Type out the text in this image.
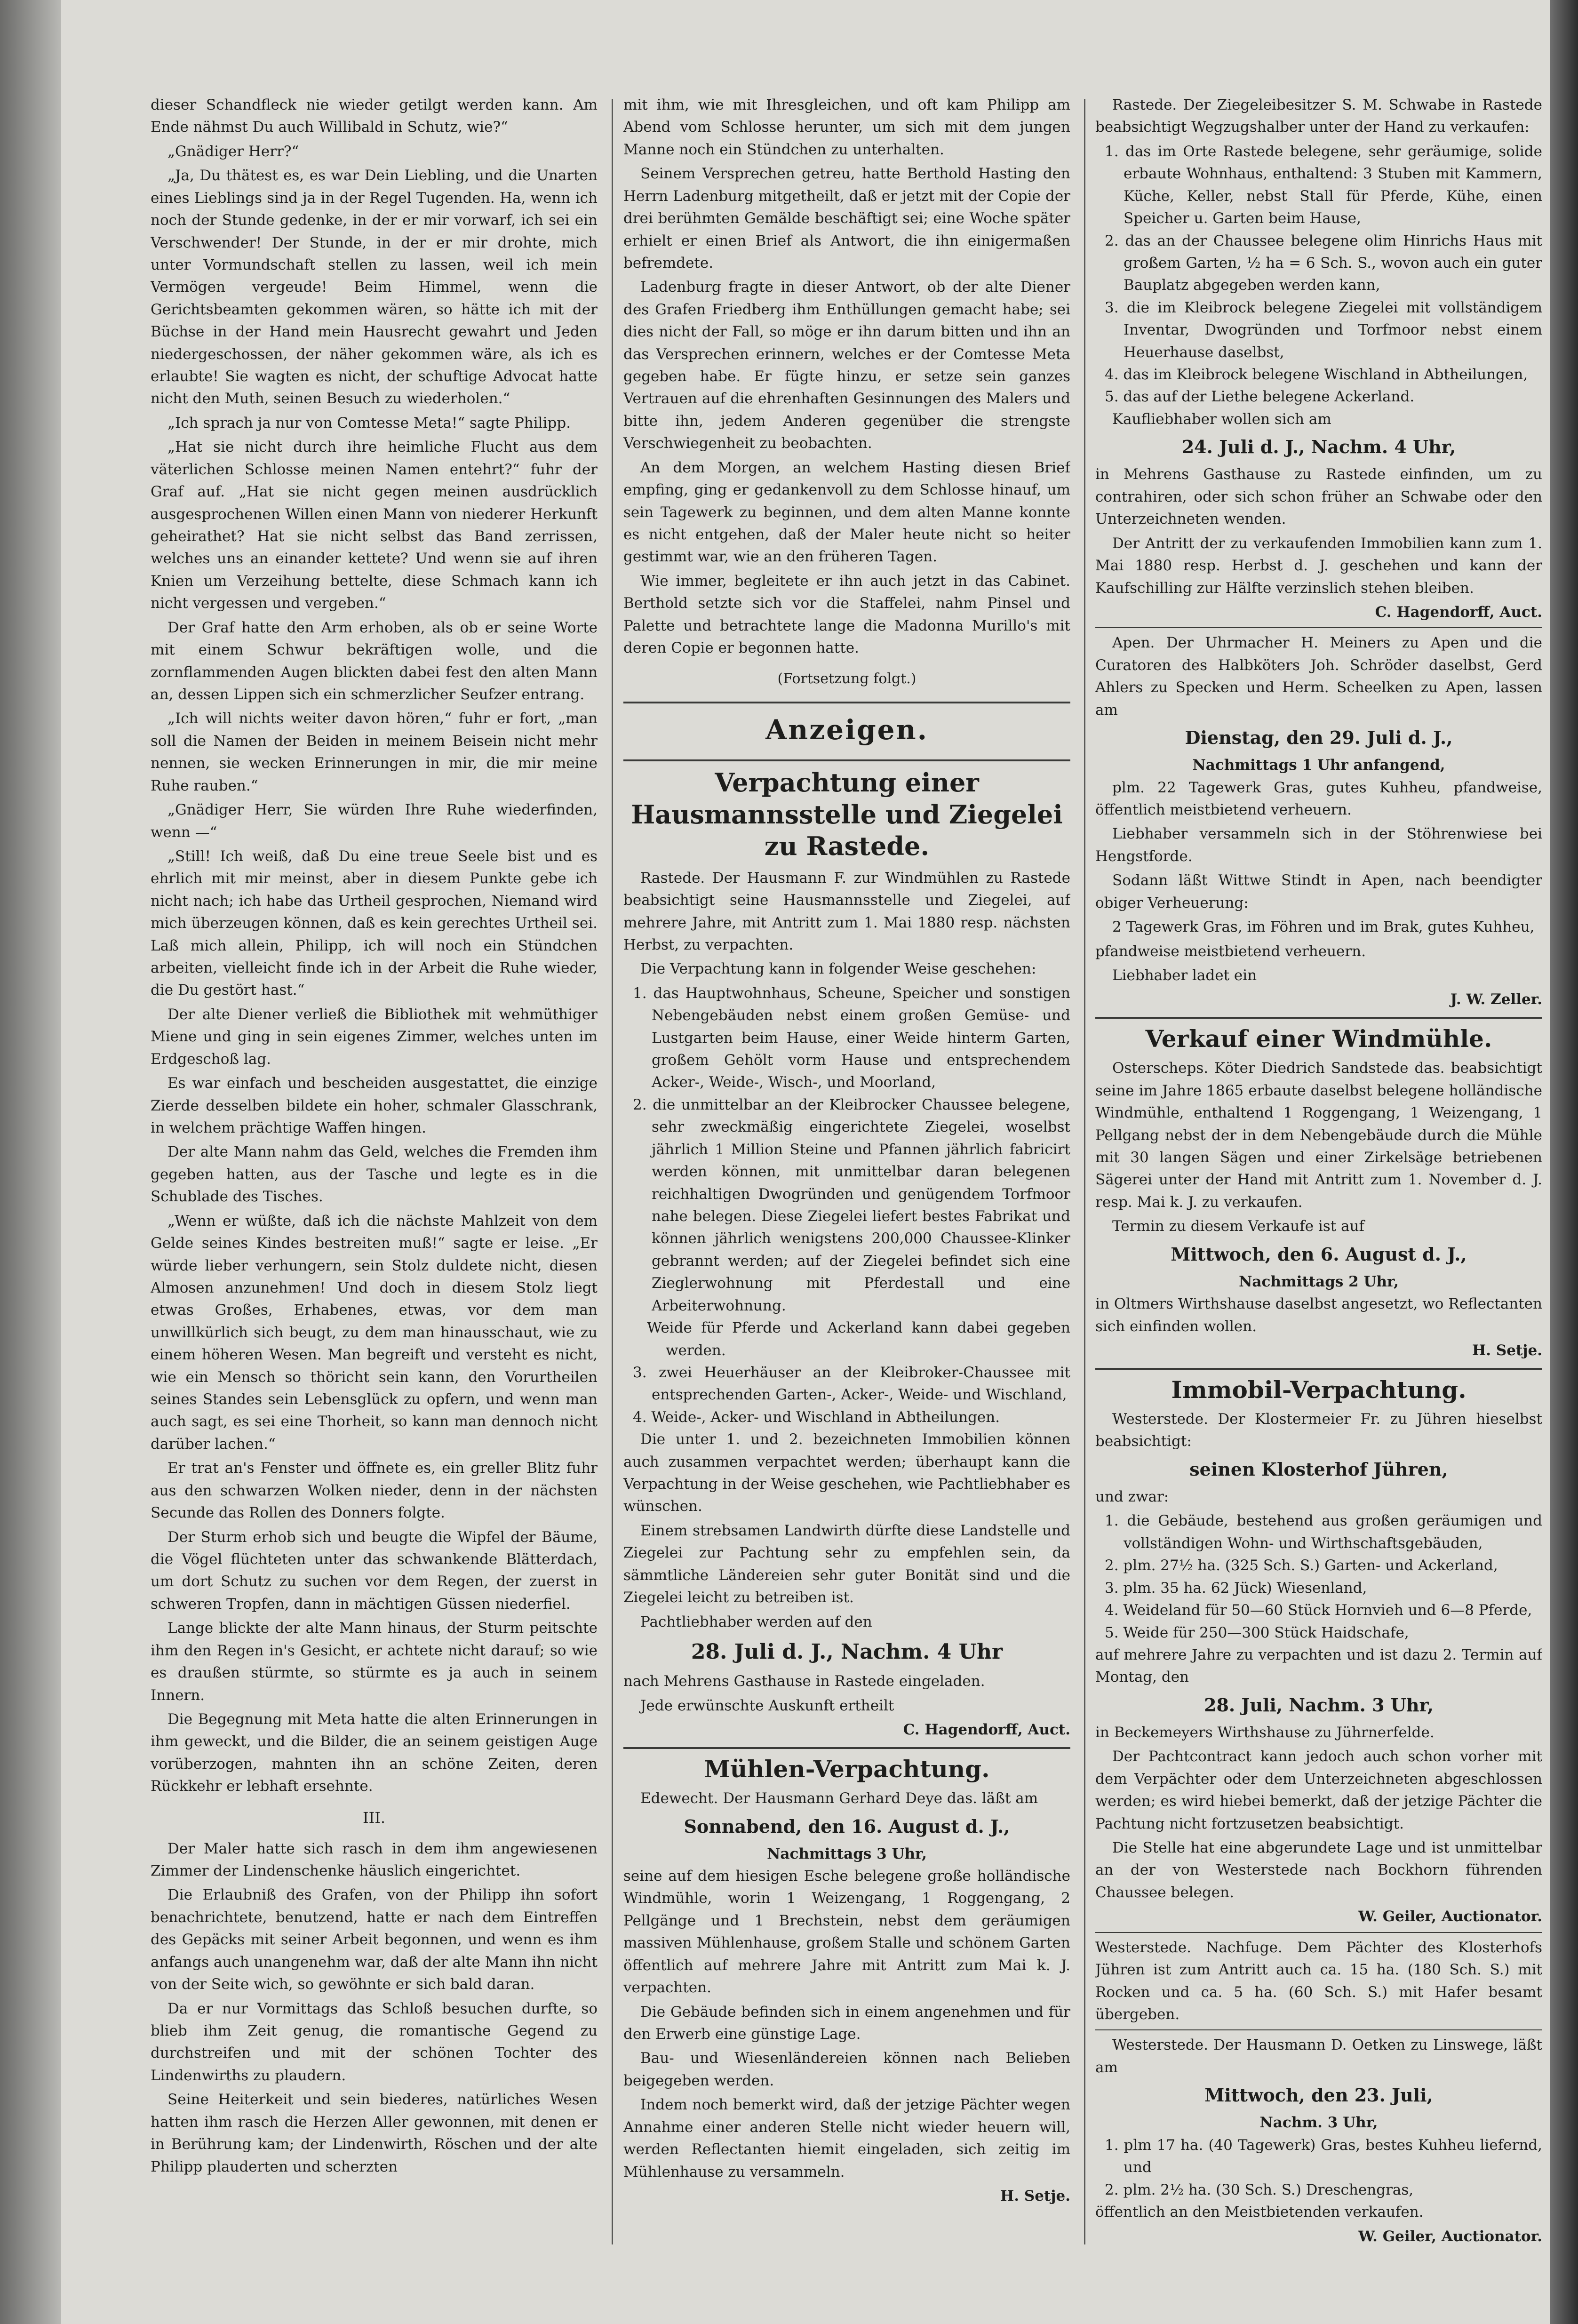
dieser Schandfleck nie wieder getilgt werden kann. Am Ende nähmst Du auch Willibald in Schutz, wie?“

„Gnädiger Herr?“

„Ja, Du thätest es, es war Dein Liebling, und die Unarten eines Lieblings sind ja in der Regel Tugenden. Ha, wenn ich noch der Stunde gedenke, in der er mir vorwarf, ich sei ein Verschwender! Der Stunde, in der er mir drohte, mich unter Vormundschaft stellen zu lassen, weil ich mein Vermögen vergeude! Beim Himmel, wenn die Gerichtsbeamten gekommen wären, so hätte ich mit der Büchse in der Hand mein Hausrecht gewahrt und Jeden niedergeschossen, der näher gekommen wäre, als ich es erlaubte! Sie wagten es nicht, der schuftige Advocat hatte nicht den Muth, seinen Besuch zu wiederholen.“

„Ich sprach ja nur von Comtesse Meta!“ sagte Philipp.

„Hat sie nicht durch ihre heimliche Flucht aus dem väterlichen Schlosse meinen Namen entehrt?“ fuhr der Graf auf. „Hat sie nicht gegen meinen ausdrücklich ausgesprochenen Willen einen Mann von niederer Herkunft geheirathet? Hat sie nicht selbst das Band zerrissen, welches uns an einander kettete? Und wenn sie auf ihren Knien um Verzeihung bettelte, diese Schmach kann ich nicht vergessen und vergeben.“

Der Graf hatte den Arm erhoben, als ob er seine Worte mit einem Schwur bekräftigen wolle, und die zornflammenden Augen blickten dabei fest den alten Mann an, dessen Lippen sich ein schmerzlicher Seufzer entrang.

„Ich will nichts weiter davon hören,“ fuhr er fort, „man soll die Namen der Beiden in meinem Beisein nicht mehr nennen, sie wecken Erinnerungen in mir, die mir meine Ruhe rauben.“

„Gnädiger Herr, Sie würden Ihre Ruhe wiederfinden, wenn —“

„Still! Ich weiß, daß Du eine treue Seele bist und es ehrlich mit mir meinst, aber in diesem Punkte gebe ich nicht nach; ich habe das Urtheil gesprochen, Niemand wird mich überzeugen können, daß es kein gerechtes Urtheil sei. Laß mich allein, Philipp, ich will noch ein Stündchen arbeiten, vielleicht finde ich in der Arbeit die Ruhe wieder, die Du gestört hast.“

Der alte Diener verließ die Bibliothek mit wehmüthiger Miene und ging in sein eigenes Zimmer, welches unten im Erdgeschoß lag.

Es war einfach und bescheiden ausgestattet, die einzige Zierde desselben bildete ein hoher, schmaler Glasschrank, in welchem prächtige Waffen hingen.

Der alte Mann nahm das Geld, welches die Fremden ihm gegeben hatten, aus der Tasche und legte es in die Schublade des Tisches.

„Wenn er wüßte, daß ich die nächste Mahlzeit von dem Gelde seines Kindes bestreiten muß!“ sagte er leise. „Er würde lieber verhungern, sein Stolz duldete nicht, diesen Almosen anzunehmen! Und doch in diesem Stolz liegt etwas Großes, Erhabenes, etwas, vor dem man unwillkürlich sich beugt, zu dem man hinausschaut, wie zu einem höheren Wesen. Man begreift und versteht es nicht, wie ein Mensch so thöricht sein kann, den Vorurtheilen seines Standes sein Lebensglück zu opfern, und wenn man auch sagt, es sei eine Thorheit, so kann man dennoch nicht darüber lachen.“

Er trat an's Fenster und öffnete es, ein greller Blitz fuhr aus den schwarzen Wolken nieder, denn in der nächsten Secunde das Rollen des Donners folgte.

Der Sturm erhob sich und beugte die Wipfel der Bäume, die Vögel flüchteten unter das schwankende Blätterdach, um dort Schutz zu suchen vor dem Regen, der zuerst in schweren Tropfen, dann in mächtigen Güssen niederfiel.

Lange blickte der alte Mann hinaus, der Sturm peitschte ihm den Regen in's Gesicht, er achtete nicht darauf; so wie es draußen stürmte, so stürmte es ja auch in seinem Innern.

Die Begegnung mit Meta hatte die alten Erinnerungen in ihm geweckt, und die Bilder, die an seinem geistigen Auge vorüberzogen, mahnten ihn an schöne Zeiten, deren Rückkehr er lebhaft ersehnte.

III.

Der Maler hatte sich rasch in dem ihm angewiesenen Zimmer der Lindenschenke häuslich eingerichtet.

Die Erlaubniß des Grafen, von der Philipp ihn sofort benachrichtete, benutzend, hatte er nach dem Eintreffen des Gepäcks mit seiner Arbeit begonnen, und wenn es ihm anfangs auch unangenehm war, daß der alte Mann ihn nicht von der Seite wich, so gewöhnte er sich bald daran.

Da er nur Vormittags das Schloß besuchen durfte, so blieb ihm Zeit genug, die romantische Gegend zu durchstreifen und mit der schönen Tochter des Lindenwirths zu plaudern.

Seine Heiterkeit und sein biederes, natürliches Wesen hatten ihm rasch die Herzen Aller gewonnen, mit denen er in Berührung kam; der Lindenwirth, Röschen und der alte Philipp plauderten und scherzten

mit ihm, wie mit Ihresgleichen, und oft kam Philipp am Abend vom Schlosse herunter, um sich mit dem jungen Manne noch ein Stündchen zu unterhalten.

Seinem Versprechen getreu, hatte Berthold Hasting den Herrn Ladenburg mitgetheilt, daß er jetzt mit der Copie der drei berühmten Gemälde beschäftigt sei; eine Woche später erhielt er einen Brief als Antwort, die ihn einigermaßen befremdete.

Ladenburg fragte in dieser Antwort, ob der alte Diener des Grafen Friedberg ihm Enthüllungen gemacht habe; sei dies nicht der Fall, so möge er ihn darum bitten und ihn an das Versprechen erinnern, welches er der Comtesse Meta gegeben habe. Er fügte hinzu, er setze sein ganzes Vertrauen auf die ehrenhaften Gesinnungen des Malers und bitte ihn, jedem Anderen gegenüber die strengste Verschwiegenheit zu beobachten.

An dem Morgen, an welchem Hasting diesen Brief empfing, ging er gedankenvoll zu dem Schlosse hinauf, um sein Tagewerk zu beginnen, und dem alten Manne konnte es nicht entgehen, daß der Maler heute nicht so heiter gestimmt war, wie an den früheren Tagen.

Wie immer, begleitete er ihn auch jetzt in das Cabinet. Berthold setzte sich vor die Staffelei, nahm Pinsel und Palette und betrachtete lange die Madonna Murillo's mit deren Copie er begonnen hatte.

(Fortsetzung folgt.)
Anzeigen.
Verpachtung einer Hausmannsstelle und Ziegelei zu Rastede.

Rastede. Der Hausmann F. zur Windmühlen zu Rastede beabsichtigt seine Hausmannsstelle und Ziegelei, auf mehrere Jahre, mit Antritt zum 1. Mai 1880 resp. nächsten Herbst, zu verpachten.

Die Verpachtung kann in folgender Weise geschehen:

1. das Hauptwohnhaus, Scheune, Speicher und sonstigen Nebengebäuden nebst einem großen Gemüse- und Lustgarten beim Hause, einer Weide hinterm Garten, großem Gehölt vorm Hause und entsprechendem Acker-, Weide-, Wisch-, und Moorland,

2. die unmittelbar an der Kleibrocker Chaussee belegene, sehr zweckmäßig eingerichtete Ziegelei, woselbst jährlich 1 Million Steine und Pfannen jährlich fabricirt werden können, mit unmittelbar daran belegenen reichhaltigen Dwogründen und genügendem Torfmoor nahe belegen. Diese Ziegelei liefert bestes Fabrikat und können jährlich wenigstens 200,000 Chaussee-Klinker gebrannt werden; auf der Ziegelei befindet sich eine Zieglerwohnung mit Pferdestall und eine Arbeiterwohnung.

Weide für Pferde und Ackerland kann dabei gegeben werden.

3. zwei Heuerhäuser an der Kleibroker-Chaussee mit entsprechenden Garten-, Acker-, Weide- und Wischland,

4. Weide-, Acker- und Wischland in Abtheilungen.

Die unter 1. und 2. bezeichneten Immobilien können auch zusammen verpachtet werden; überhaupt kann die Verpachtung in der Weise geschehen, wie Pachtliebhaber es wünschen.

Einem strebsamen Landwirth dürfte diese Landstelle und Ziegelei zur Pachtung sehr zu empfehlen sein, da sämmtliche Ländereien sehr guter Bonität sind und die Ziegelei leicht zu betreiben ist.

Pachtliebhaber werden auf den

28. Juli d. J., Nachm. 4 Uhr

nach Mehrens Gasthause in Rastede eingeladen.

Jede erwünschte Auskunft ertheilt

C. Hagendorff, Auct.
Mühlen-Verpachtung.

Edewecht. Der Hausmann Gerhard Deye das. läßt am

Sonnabend, den 16. August d. J.,
Nachmittags 3 Uhr,

seine auf dem hiesigen Esche belegene große holländische Windmühle, worin 1 Weizengang, 1 Roggengang, 2 Pellgänge und 1 Brechstein, nebst dem geräumigen massiven Mühlenhause, großem Stalle und schönem Garten öffentlich auf mehrere Jahre mit Antritt zum Mai k. J. verpachten.

Die Gebäude befinden sich in einem angenehmen und für den Erwerb eine günstige Lage.

Bau- und Wiesenländereien können nach Belieben beigegeben werden.

Indem noch bemerkt wird, daß der jetzige Pächter wegen Annahme einer anderen Stelle nicht wieder heuern will, werden Reflectanten hiemit eingeladen, sich zeitig im Mühlenhause zu versammeln.

H. Setje.

Rastede. Der Ziegeleibesitzer S. M. Schwabe in Rastede beabsichtigt Wegzugshalber unter der Hand zu verkaufen:

1. das im Orte Rastede belegene, sehr geräumige, solide erbaute Wohnhaus, enthaltend: 3 Stuben mit Kammern, Küche, Keller, nebst Stall für Pferde, Kühe, einen Speicher u. Garten beim Hause,

2. das an der Chaussee belegene olim Hinrichs Haus mit großem Garten, ½ ha = 6 Sch. S., wovon auch ein guter Bauplatz abgegeben werden kann,

3. die im Kleibrock belegene Ziegelei mit vollständigem Inventar, Dwogründen und Torfmoor nebst einem Heuerhause daselbst,

4. das im Kleibrock belegene Wischland in Abtheilungen,

5. das auf der Liethe belegene Ackerland.

Kaufliebhaber wollen sich am

24. Juli d. J., Nachm. 4 Uhr,

in Mehrens Gasthause zu Rastede einfinden, um zu contrahiren, oder sich schon früher an Schwabe oder den Unterzeichneten wenden.

Der Antritt der zu verkaufenden Immobilien kann zum 1. Mai 1880 resp. Herbst d. J. geschehen und kann der Kaufschilling zur Hälfte verzinslich stehen bleiben.

C. Hagendorff, Auct.

Apen. Der Uhrmacher H. Meiners zu Apen und die Curatoren des Halbköters Joh. Schröder daselbst, Gerd Ahlers zu Specken und Herm. Scheelken zu Apen, lassen am

Dienstag, den 29. Juli d. J.,
Nachmittags 1 Uhr anfangend,

plm. 22 Tagewerk Gras, gutes Kuhheu, pfandweise, öffentlich meistbietend verheuern.

Liebhaber versammeln sich in der Stöhrenwiese bei Hengstforde.

Sodann läßt Wittwe Stindt in Apen, nach beendigter obiger Verheuerung:

2 Tagewerk Gras, im Föhren und im Brak, gutes Kuhheu,

pfandweise meistbietend verheuern.

Liebhaber ladet ein

J. W. Zeller.
Verkauf einer Windmühle.

Osterscheps. Köter Diedrich Sandstede das. beabsichtigt seine im Jahre 1865 erbaute daselbst belegene holländische Windmühle, enthaltend 1 Roggengang, 1 Weizengang, 1 Pellgang nebst der in dem Nebengebäude durch die Mühle mit 30 langen Sägen und einer Zirkelsäge betriebenen Sägerei unter der Hand mit Antritt zum 1. November d. J. resp. Mai k. J. zu verkaufen.

Termin zu diesem Verkaufe ist auf

Mittwoch, den 6. August d. J.,
Nachmittags 2 Uhr,

in Oltmers Wirthshause daselbst angesetzt, wo Reflectanten sich einfinden wollen.

H. Setje.
Immobil-Verpachtung.

Westerstede. Der Klostermeier Fr. zu Jühren hieselbst beabsichtigt:

seinen Klosterhof Jühren,

und zwar:

1. die Gebäude, bestehend aus großen geräumigen und vollständigen Wohn- und Wirthschaftsgebäuden,

2. plm. 27½ ha. (325 Sch. S.) Garten- und Ackerland,

3. plm. 35 ha. 62 Jück) Wiesenland,

4. Weideland für 50—60 Stück Hornvieh und 6—8 Pferde,

5. Weide für 250—300 Stück Haidschafe,

auf mehrere Jahre zu verpachten und ist dazu 2. Termin auf Montag, den

28. Juli, Nachm. 3 Uhr,

in Beckemeyers Wirthshause zu Jührnerfelde.

Der Pachtcontract kann jedoch auch schon vorher mit dem Verpächter oder dem Unterzeichneten abgeschlossen werden; es wird hiebei bemerkt, daß der jetzige Pächter die Pachtung nicht fortzusetzen beabsichtigt.

Die Stelle hat eine abgerundete Lage und ist unmittelbar an der von Westerstede nach Bockhorn führenden Chaussee belegen.

W. Geiler, Auctionator.

Westerstede. Nachfuge. Dem Pächter des Klosterhofs Jühren ist zum Antritt auch ca. 15 ha. (180 Sch. S.) mit Rocken und ca. 5 ha. (60 Sch. S.) mit Hafer besamt übergeben.

Westerstede. Der Hausmann D. Oetken zu Linswege, läßt am

Mittwoch, den 23. Juli,
Nachm. 3 Uhr,

1. plm 17 ha. (40 Tagewerk) Gras, bestes Kuhheu liefernd, und

2. plm. 2½ ha. (30 Sch. S.) Dreschengras,

öffentlich an den Meistbietenden verkaufen.

W. Geiler, Auctionator.
